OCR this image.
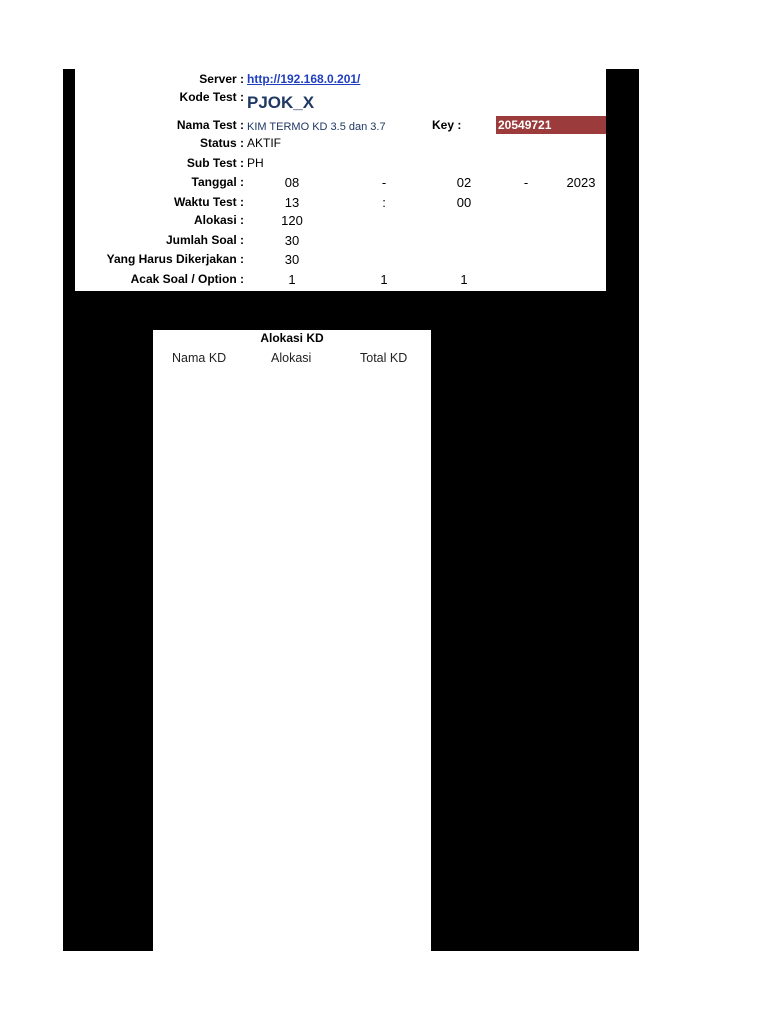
Server : http://192.168.0.201/
Kode Test : PJOK_X
Nama Test : KIM TERMO KD 3.5 dan 3.7	Key :	20549721
Status : AKTIF
Sub Test : PH
Tanggal :	08	-	02	-	2023
Waktu Test :	13	:	00
Alokasi :	120
Jumlah Soal :	30
Yang Harus Dikerjakan :	30
Acak Soal / Option :	1	1	1
Alokasi KD
Nama KD	Alokasi	Total KD
